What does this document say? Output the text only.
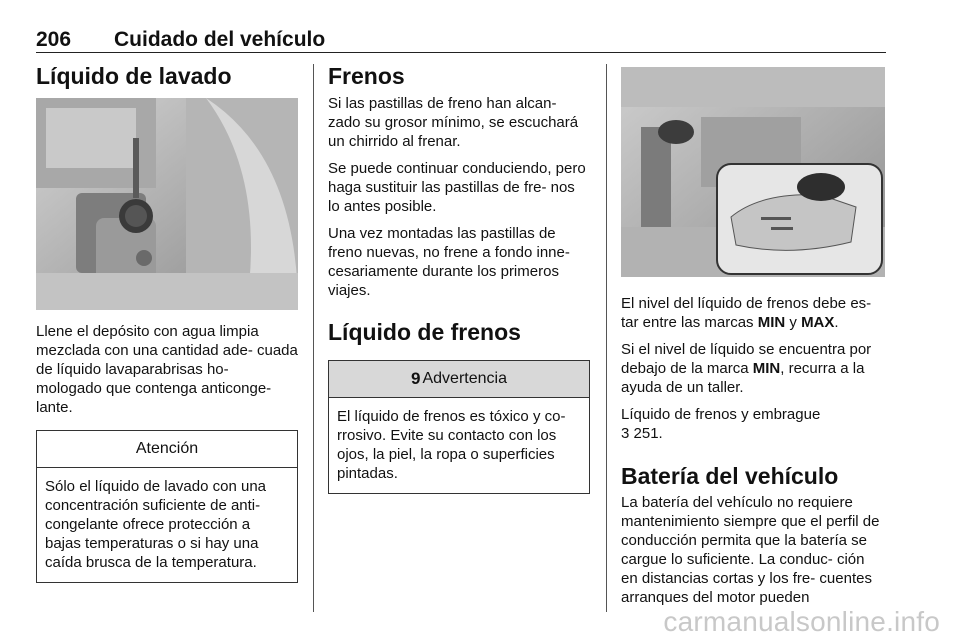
206 Cuidado del vehículo
Líquido de lavado

Llene el depósito con agua limpia mezclada con una cantidad ade- cuada de líquido lavaparabrisas ho- mologado que contenga anticonge- lante.

Atención
Sólo el líquido de lavado con una concentración suficiente de anti- congelante ofrece protección a bajas temperaturas o si hay una caída brusca de la temperatura.
Frenos

Si las pastillas de freno han alcan- zado su grosor mínimo, se escuchará un chirrido al frenar.

Se puede continuar conduciendo, pero haga sustituir las pastillas de fre- nos lo antes posible.

Una vez montadas las pastillas de freno nuevas, no frene a fondo inne- cesariamente durante los primeros viajes.

Líquido de frenos
9 Advertencia
El líquido de frenos es tóxico y co- rrosivo. Evite su contacto con los ojos, la piel, la ropa o superficies pintadas.

El nivel del líquido de frenos debe es- tar entre las marcas MIN y MAX.

Si el nivel de líquido se encuentra por debajo de la marca MIN, recurra a la ayuda de un taller.

Líquido de frenos y embrague
3 251.

Batería del vehículo

La batería del vehículo no requiere mantenimiento siempre que el perfil de conducción permita que la batería se cargue lo suficiente. La conduc- ción en distancias cortas y los fre- cuentes arranques del motor pueden

carmanualsonline.info
